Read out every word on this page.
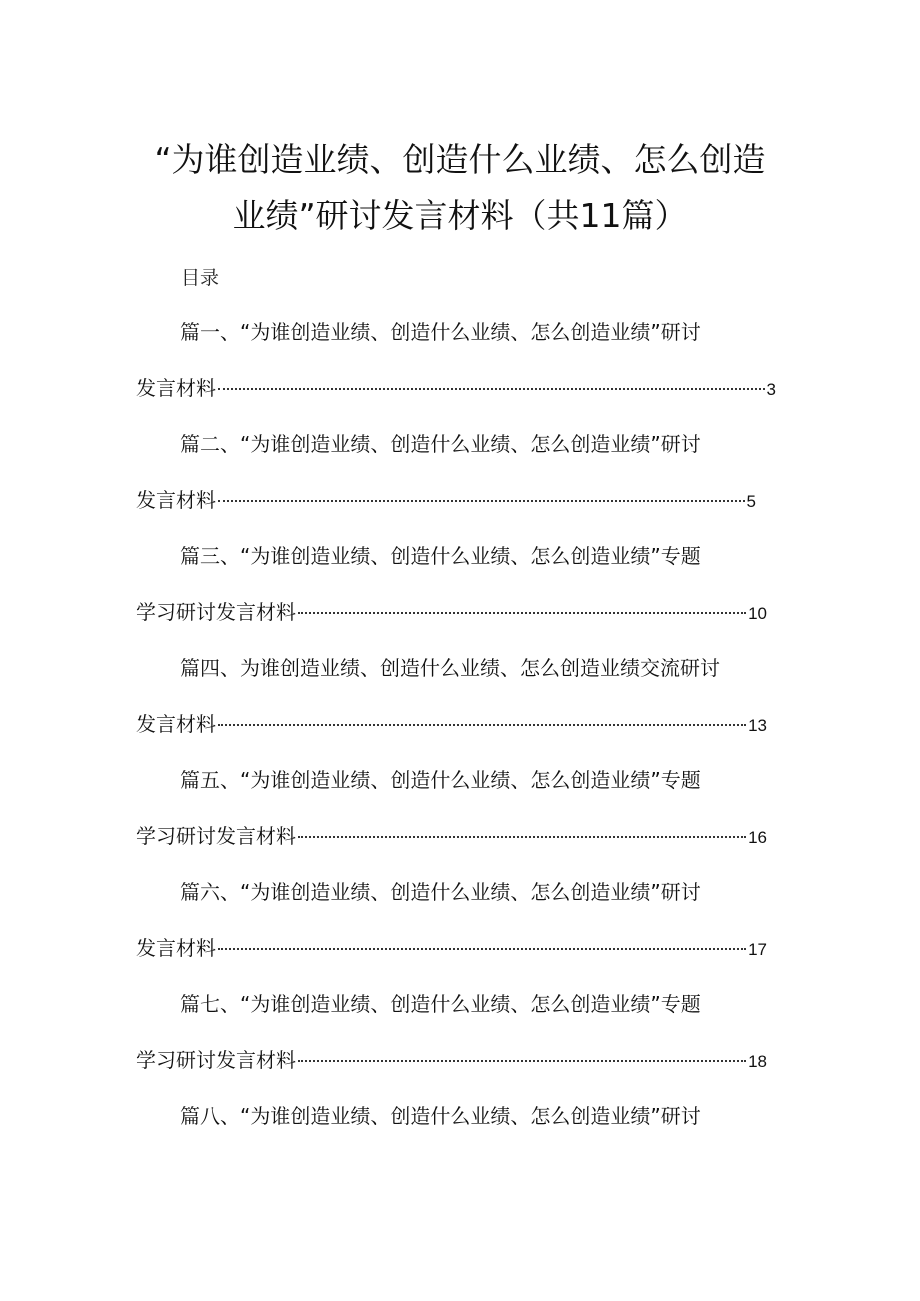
“为谁创造业绩、创造什么业绩、怎么创造
业绩”研讨发言材料（共11篇）
目录
篇一、“为谁创造业绩、创造什么业绩、怎么创造业绩”研讨
发言材料	3
篇二、“为谁创造业绩、创造什么业绩、怎么创造业绩”研讨
发言材料	5
篇三、“为谁创造业绩、创造什么业绩、怎么创造业绩”专题
学习研讨发言材料	10
篇四、为谁创造业绩、创造什么业绩、怎么创造业绩交流研讨
发言材料	13
篇五、“为谁创造业绩、创造什么业绩、怎么创造业绩”专题
学习研讨发言材料	16
篇六、“为谁创造业绩、创造什么业绩、怎么创造业绩”研讨
发言材料	17
篇七、“为谁创造业绩、创造什么业绩、怎么创造业绩”专题
学习研讨发言材料	18
篇八、“为谁创造业绩、创造什么业绩、怎么创造业绩”研讨
